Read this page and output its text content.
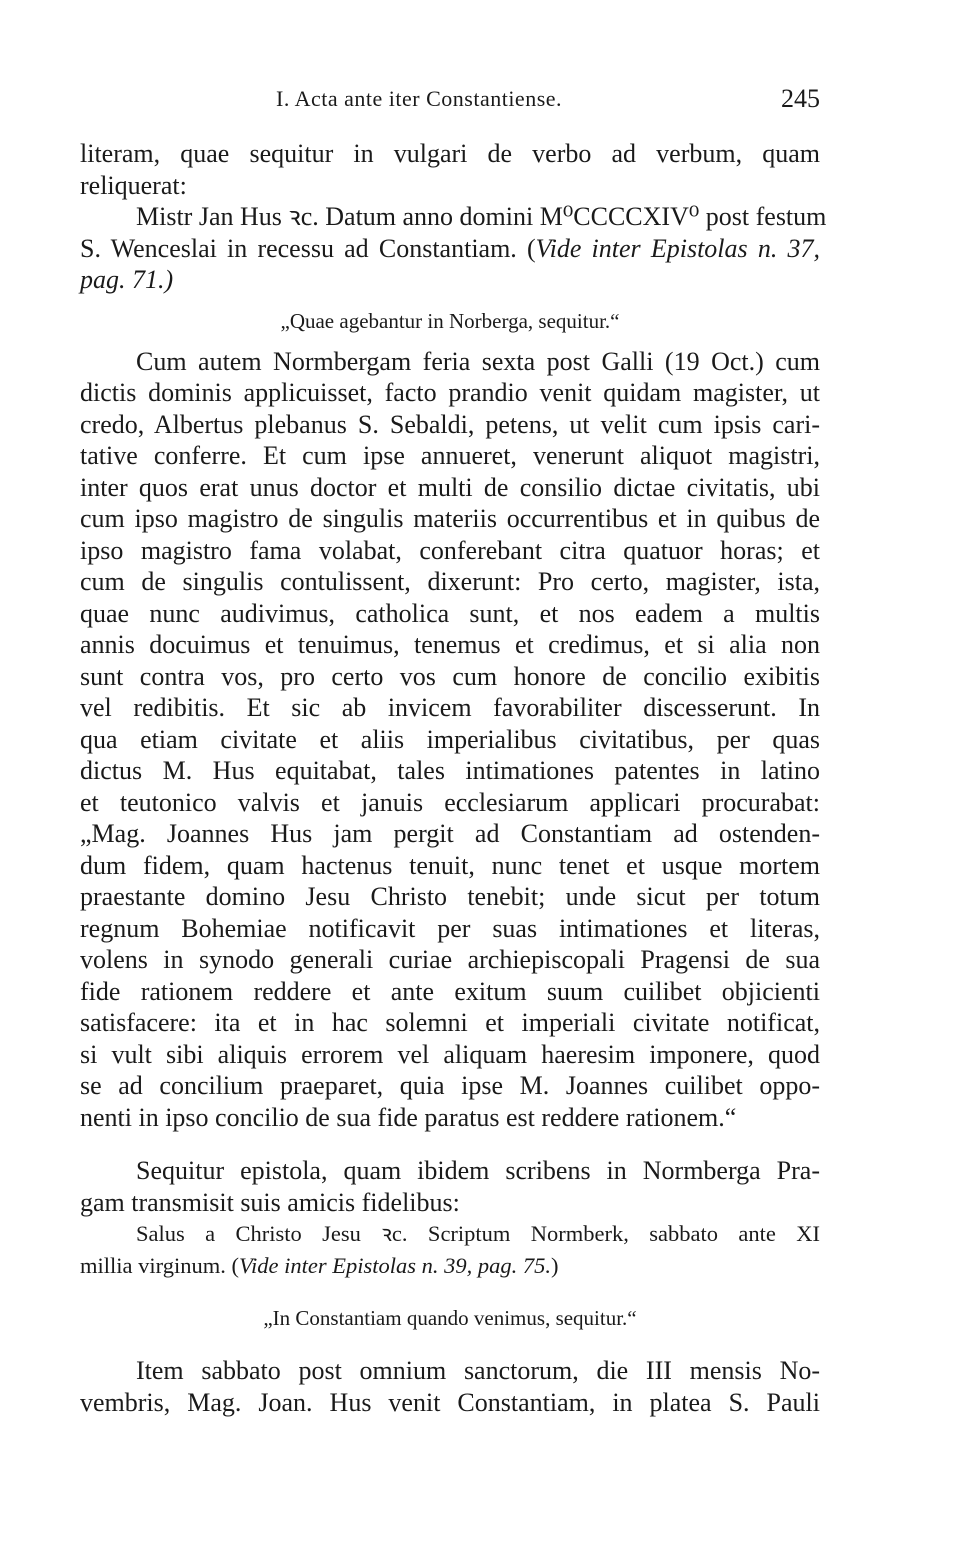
I. Acta ante iter Constantiense.	245
literam, quae sequitur in vulgari de verbo ad verbum, quam
reliquerat:
Mistr Jan Hus ꝛc. Datum anno domini M⁰CCCCXIV⁰ post festum
S. Wenceslai in recessu ad Constantiam. (Vide inter Epistolas n. 37,
pag. 71.)
„Quae agebantur in Norberga, sequitur.“
Cum autem Normbergam feria sexta post Galli (19 Oct.) cum
dictis dominis applicuisset, facto prandio venit quidam magister, ut
credo, Albertus plebanus S. Sebaldi, petens, ut velit cum ipsis cari-
tative conferre. Et cum ipse annueret, venerunt aliquot magistri,
inter quos erat unus doctor et multi de consilio dictae civitatis, ubi
cum ipso magistro de singulis materiis occurrentibus et in quibus de
ipso magistro fama volabat, conferebant citra quatuor horas; et
cum de singulis contulissent, dixerunt: Pro certo, magister, ista,
quae nunc audivimus, catholica sunt, et nos eadem a multis
annis docuimus et tenuimus, tenemus et credimus, et si alia non
sunt contra vos, pro certo vos cum honore de concilio exibitis
vel redibitis. Et sic ab invicem favorabiliter discesserunt. In
qua etiam civitate et aliis imperialibus civitatibus, per quas
dictus M. Hus equitabat, tales intimationes patentes in latino
et teutonico valvis et januis ecclesiarum applicari procurabat:
„Mag. Joannes Hus jam pergit ad Constantiam ad ostenden-
dum fidem, quam hactenus tenuit, nunc tenet et usque mortem
praestante domino Jesu Christo tenebit; unde sicut per totum
regnum Bohemiae notificavit per suas intimationes et literas,
volens in synodo generali curiae archiepiscopali Pragensi de sua
fide rationem reddere et ante exitum suum cuilibet objicienti
satisfacere: ita et in hac solemni et imperiali civitate notificat,
si vult sibi aliquis errorem vel aliquam haeresim imponere, quod
se ad concilium praeparet, quia ipse M. Joannes cuilibet oppo-
nenti in ipso concilio de sua fide paratus est reddere rationem.“
Sequitur epistola, quam ibidem scribens in Normberga Pra-
gam transmisit suis amicis fidelibus:
Salus a Christo Jesu ꝛc. Scriptum Normberk, sabbato ante XI
millia virginum. (Vide inter Epistolas n. 39, pag. 75.)
„In Constantiam quando venimus, sequitur.“
Item sabbato post omnium sanctorum, die III mensis No-
vembris, Mag. Joan. Hus venit Constantiam, in platea S. Pauli
